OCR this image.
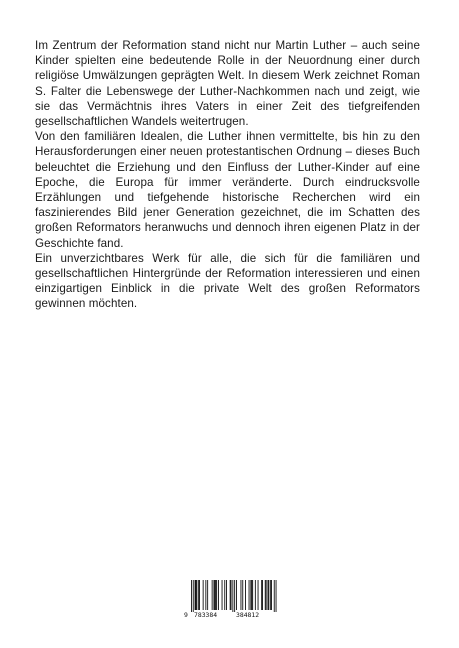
Im Zentrum der Reformation stand nicht nur Martin Luther – auch seine Kinder spielten eine bedeutende Rolle in der Neuordnung einer durch religiöse Umwälzungen geprägten Welt. In diesem Werk zeichnet Roman S. Falter die Lebenswege der Luther-Nachkommen nach und zeigt, wie sie das Vermächtnis ihres Vaters in einer Zeit des tiefgreifenden gesellschaftlichen Wandels weitertrugen.

Von den familiären Idealen, die Luther ihnen vermittelte, bis hin zu den Herausforderungen einer neuen protestantischen Ordnung – dieses Buch beleuchtet die Erziehung und den Einfluss der Luther-Kinder auf eine Epoche, die Europa für immer veränderte. Durch eindrucksvolle Erzählungen und tiefgehende historische Recherchen wird ein faszinierendes Bild jener Generation gezeichnet, die im Schatten des großen Reformators heranwuchs und dennoch ihren eigenen Platz in der Geschichte fand.

Ein unverzichtbares Werk für alle, die sich für die familiären und gesellschaftlichen Hintergründe der Reformation interessieren und einen einzigartigen Einblick in die private Welt des großen Reformators gewinnen möchten.

9 783384	384812
